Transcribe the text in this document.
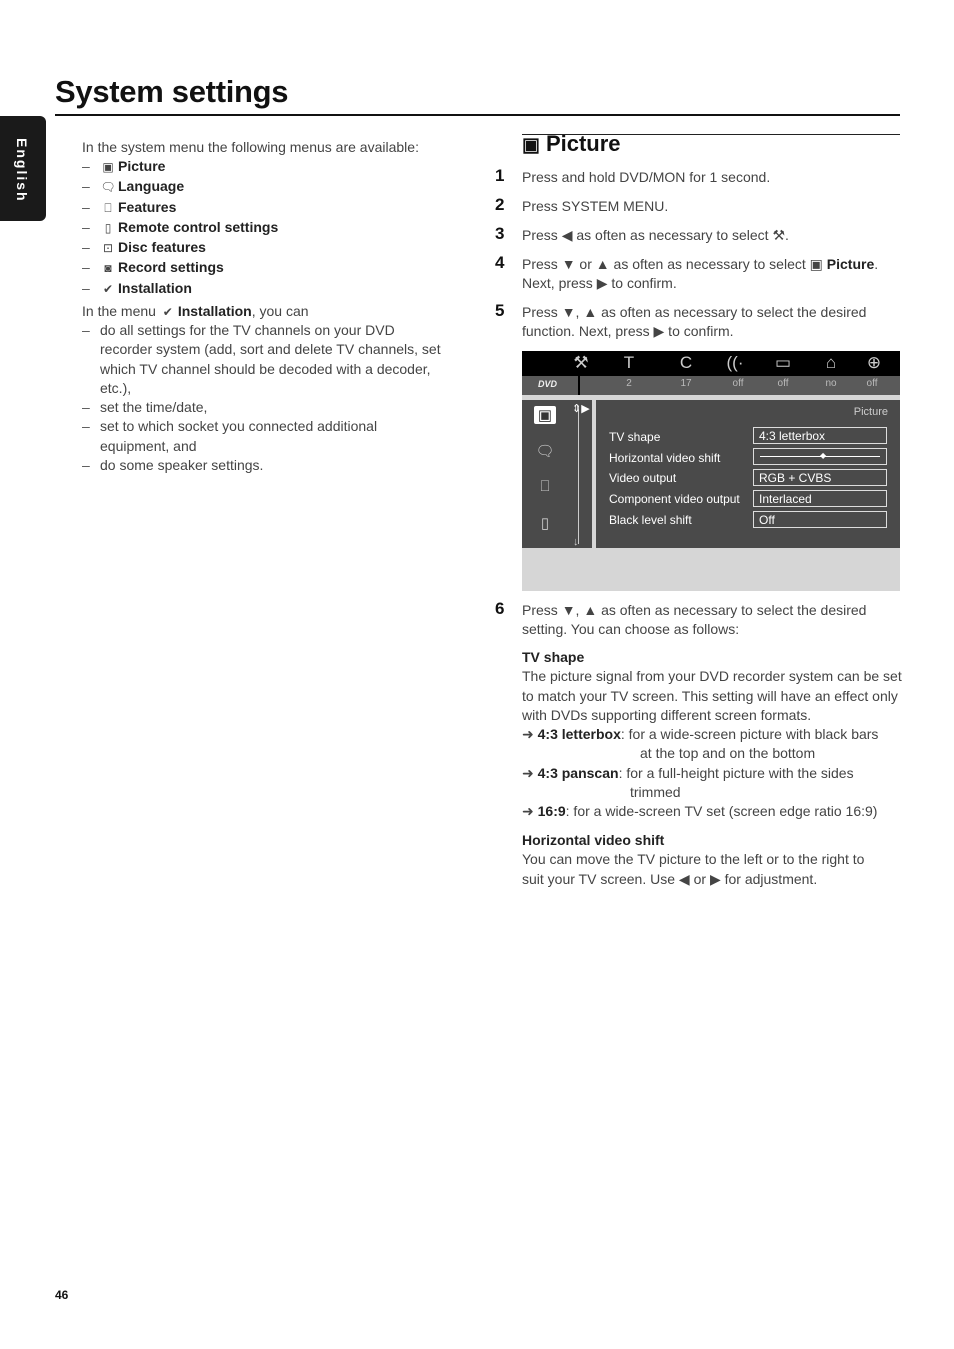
System settings
English	In the system menu the following menus are available:
– ▣ Picture
– 🗨 Language
– ⎕ Features
– ▯ Remote control settings
– ⊡ Disc features
– ◙ Record settings
– ✔ Installation
In the menu ✔ Installation, you can
– do all settings for the TV channels on your DVD recorder system (add, sort and delete TV channels, set which TV channel should be decoded with a decoder, etc.),
– set the time/date,
– set to which socket you connected additional equipment, and
– do some speaker settings.
▣ Picture
1 Press and hold DVD/MON for 1 second.
2 Press SYSTEM MENU.
3 Press ◀ as often as necessary to select ⚒.
4 Press ▼ or ▲ as often as necessary to select ▣ Picture.
Next, press ▶ to confirm.
5 Press ▼, ▲ as often as necessary to select the desired
function. Next, press ▶ to confirm.
⚒	T	C	((·	▭	⌂	⊕
DVD	2	17	off	off	no	off
▣
🗨
⎕
▯
⇕▶
↓
Picture
TV shape	4:3 letterbox
Horizontal video shift	◆
Video output	RGB + CVBS
Component video output	Interlaced
Black level shift	Off
6 Press ▼, ▲ as often as necessary to select the desired
setting. You can choose as follows:
TV shape
The picture signal from your DVD recorder system can be set to match your TV screen. This setting will have an effect only with DVDs supporting different screen formats.
➜ 4:3 letterbox: for a wide-screen picture with black bars
at the top and on the bottom
➜ 4:3 panscan: for a full-height picture with the sides
trimmed
➜ 16:9: for a wide-screen TV set (screen edge ratio 16:9)
Horizontal video shift
You can move the TV picture to the left or to the right to
suit your TV screen. Use ◀ or ▶ for adjustment.
46
